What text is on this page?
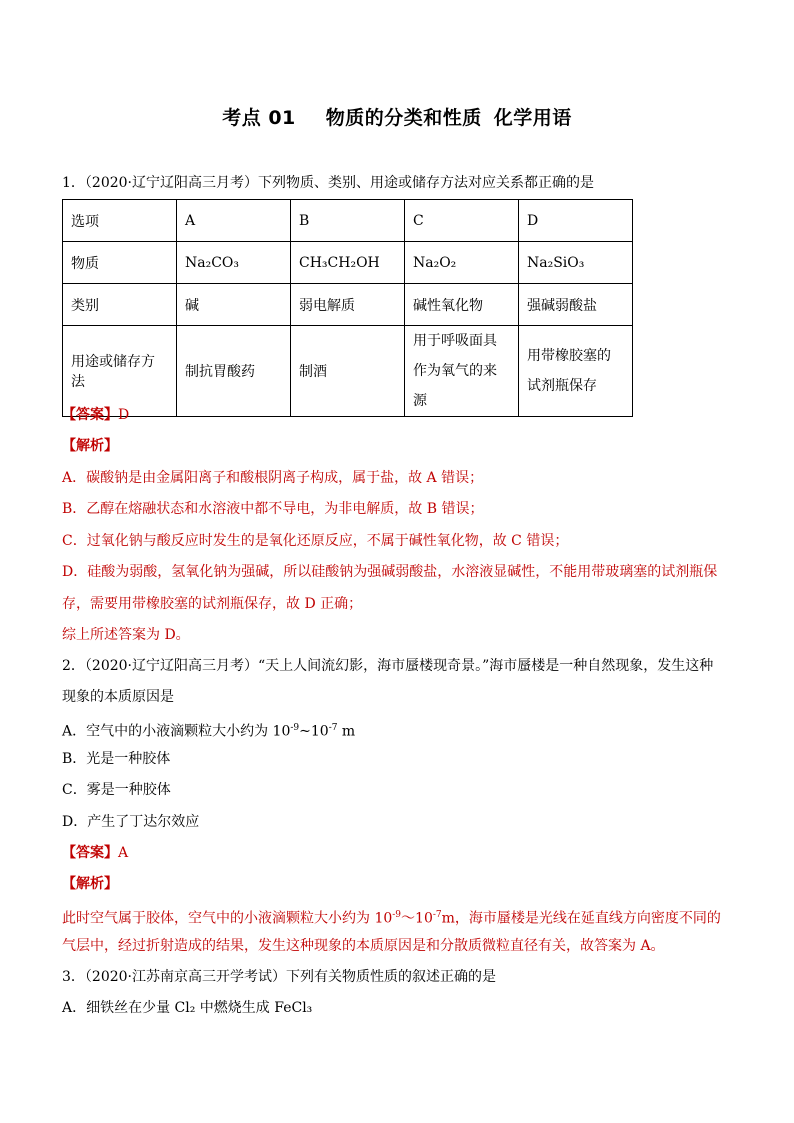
考点 01 物质的分类和性质 化学用语
1．（2020·辽宁辽阳高三月考）下列物质、类别、用途或储存方法对应关系都正确的是
选项	A	B	C	D
物质	Na₂CO₃	CH₃CH₂OH	Na₂O₂	Na₂SiO₃
类别	碱	弱电解质	碱性氧化物	强碱弱酸盐
用途或储存方法	制抗胃酸药	制酒	用于呼吸面具作为氧气的来源	用带橡胶塞的试剂瓶保存
【答案】D
【解析】
A．碳酸钠是由金属阳离子和酸根阴离子构成，属于盐，故 A 错误；
B．乙醇在熔融状态和水溶液中都不导电，为非电解质，故 B 错误；
C．过氧化钠与酸反应时发生的是氧化还原反应，不属于碱性氧化物，故 C 错误；
D．硅酸为弱酸，氢氧化钠为强碱，所以硅酸钠为强碱弱酸盐，水溶液显碱性，不能用带玻璃塞的试剂瓶保
存，需要用带橡胶塞的试剂瓶保存，故 D 正确；
综上所述答案为 D。
2．（2020·辽宁辽阳高三月考）“天上人间流幻影，海市蜃楼现奇景。”海市蜃楼是一种自然现象，发生这种
现象的本质原因是
A．空气中的小液滴颗粒大小约为 $10^{-9}\sim 10^{-7}$ m
B．光是一种胶体
C．雾是一种胶体
D．产生了丁达尔效应
【答案】A
【解析】
此时空气属于胶体，空气中的小液滴颗粒大小约为 $10^{-9}\sim 10^{-7}m$，海市蜃楼是光线在延直线方向密度不同的
气层中，经过折射造成的结果，发生这种现象的本质原因是和分散质微粒直径有关，故答案为 A。
3．（2020·江苏南京高三开学考试）下列有关物质性质的叙述正确的是
A．细铁丝在少量 Cl₂ 中燃烧生成 FeCl₃
